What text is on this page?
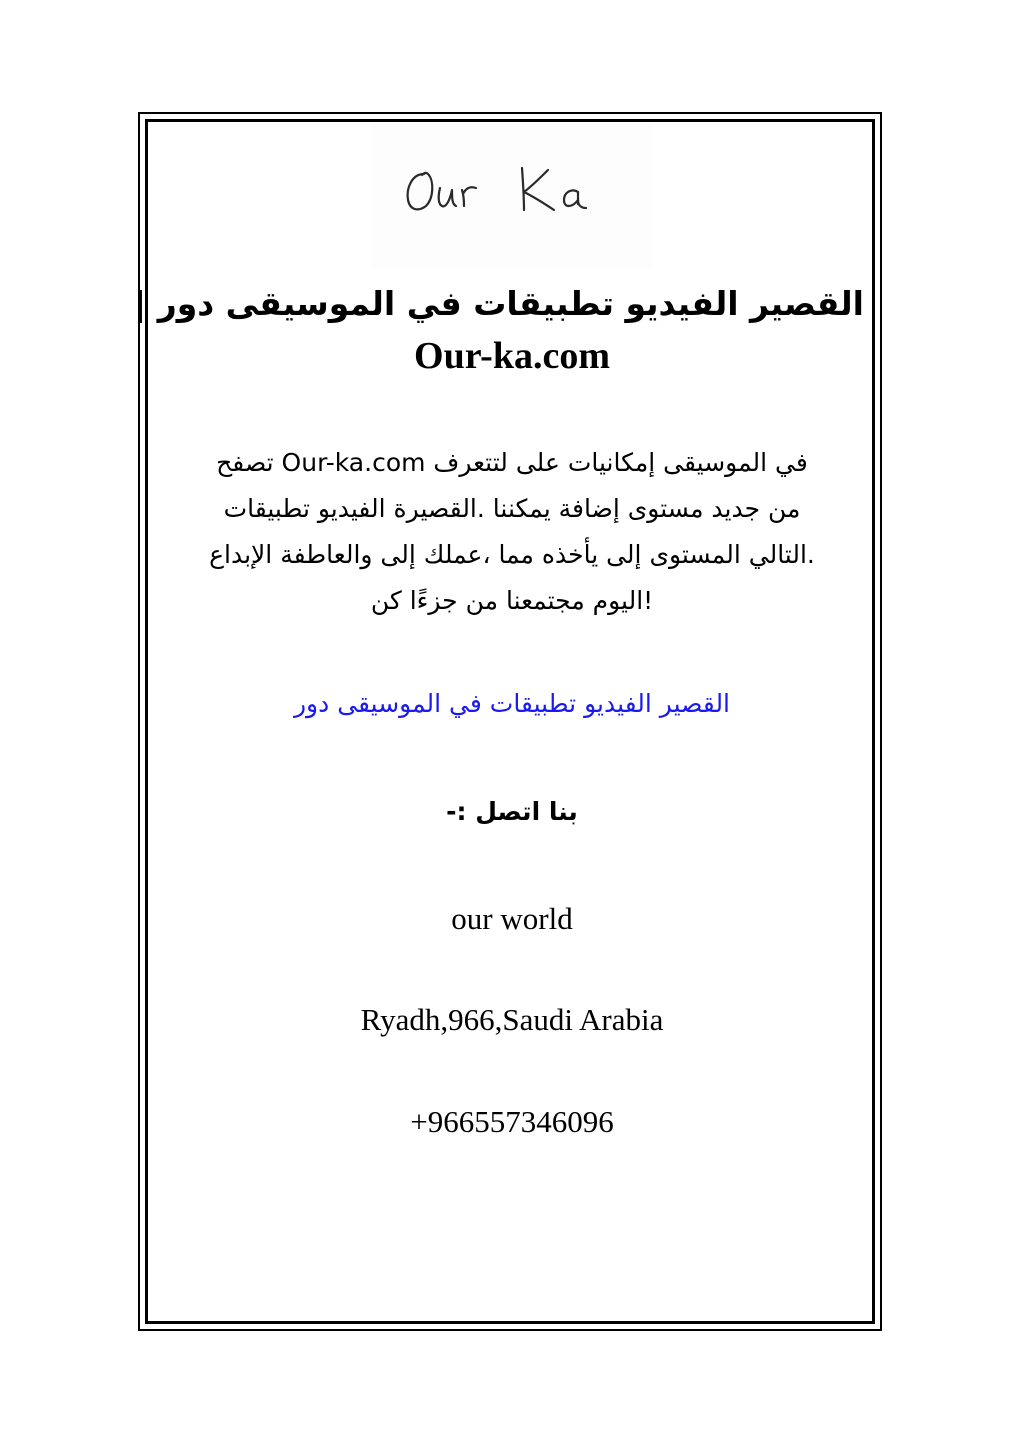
القصير الفيديو تطبيقات في الموسيقى دور |
Our-ka.com

في الموسيقى إمكانيات على لتتعرف Our-ka.com تصفح
من جديد مستوى إضافة يمكننا .القصيرة الفيديو تطبيقات
التالي المستوى إلى يأخذه مما ،عملك إلى والعاطفة الإبداع.
اليوم مجتمعنا من جزءًا كن!

القصير الفيديو تطبيقات في الموسيقى دور
-: بنا اتصل
our world
Ryadh,966,Saudi Arabia
+966557346096
